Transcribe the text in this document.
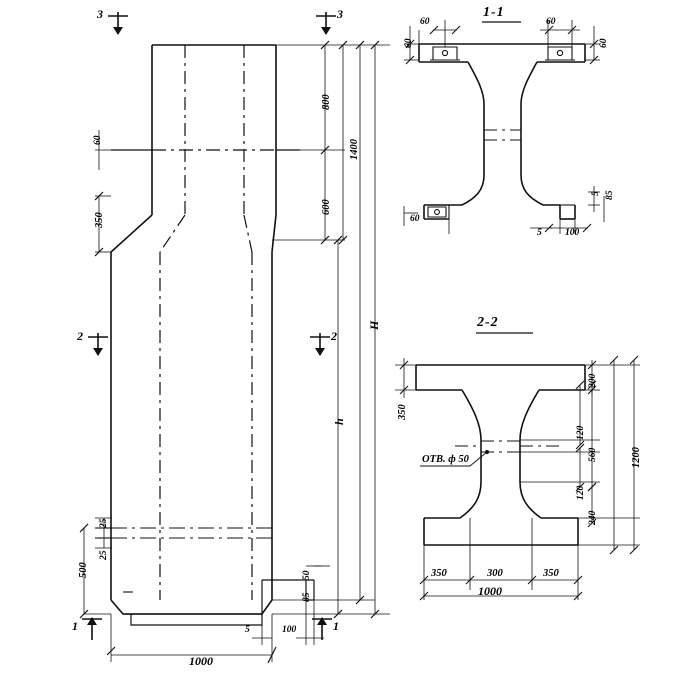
3	3
2	2
1	1
800
1400
600
350
H
h
500
25
25
60
50
85
1000
5	100
1-1
60	60
60	60
60
5 85
5 100
2-2
350
200
120
560
120
240
1200
350	300	350
1000
ОТВ. ф 50
